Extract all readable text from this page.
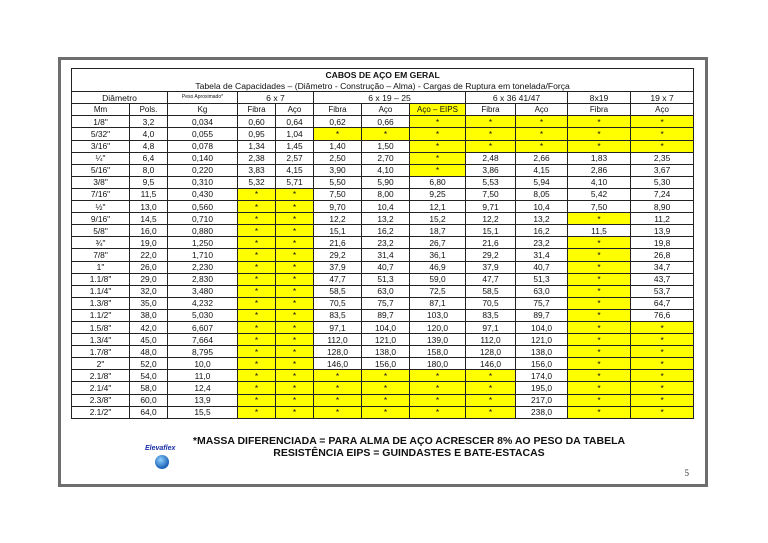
CABOS DE AÇO EM GERAL											
Tabela de Capacidades – (Diâmetro - Construção – Alma) - Cargas de Ruptura em tonelada/Força											
Diâmetro		Peso Aproximado*	6 x 7		6 x 19 – 25			6 x 36 41/47		8x19	19 x 7
Mm	Pols.	Kg	Fibra	Aço	Fibra	Aço	Aço – EIPS	Fibra	Aço	Fibra	Aço
1/8"	3,2	0,034	0,60	0,64	0,62	0,66	*	*	*	*	*
5/32"	4,0	0,055	0,95	1,04	*	*	*	*	*	*	*
3/16"	4,8	0,078	1,34	1,45	1,40	1,50	*	*	*	*	*
¼"	6,4	0,140	2,38	2,57	2,50	2,70	*	2,48	2,66	1,83	2,35
5/16"	8,0	0,220	3,83	4,15	3,90	4,10	*	3,86	4,15	2,86	3,67
3/8"	9,5	0,310	5,32	5,71	5,50	5,90	6,80	5,53	5,94	4,10	5,30
7/16"	11,5	0,430	*	*	7,50	8,00	9,25	7,50	8,05	5,42	7,24
½"	13,0	0,560	*	*	9,70	10,4	12,1	9,71	10,4	7,50	8,90
9/16"	14,5	0,710	*	*	12,2	13,2	15,2	12,2	13,2	*	11,2
5/8"	16,0	0,880	*	*	15,1	16,2	18,7	15,1	16,2	11,5	13,9
¾"	19,0	1,250	*	*	21,6	23,2	26,7	21,6	23,2	*	19,8
7/8"	22,0	1,710	*	*	29,2	31,4	36,1	29,2	31,4	*	26,8
1"	26,0	2,230	*	*	37,9	40,7	46,9	37,9	40,7	*	34,7
1.1/8"	29,0	2,830	*	*	47,7	51,3	59,0	47,7	51,3	*	43,7
1.1/4"	32,0	3,480	*	*	58,5	63,0	72,5	58,5	63,0	*	53,7
1.3/8"	35,0	4,232	*	*	70,5	75,7	87,1	70,5	75,7	*	64,7
1.1/2"	38,0	5,030	*	*	83,5	89,7	103,0	83,5	89,7	*	76,6
1.5/8"	42,0	6,607	*	*	97,1	104,0	120,0	97,1	104,0	*	*
1.3/4"	45,0	7,664	*	*	112,0	121,0	139,0	112,0	121,0	*	*
1.7/8"	48,0	8,795	*	*	128,0	138,0	158,0	128,0	138,0	*	*
2"	52,0	10,0	*	*	146,0	156,0	180,0	146,0	156,0	*	*
2.1/8"	54,0	11,0	*	*	*	*	*	*	174,0	*	*
2.1/4"	58,0	12,4	*	*	*	*	*	*	195,0	*	*
2.3/8"	60,0	13,9	*	*	*	*	*	*	217,0	*	*
2.1/2"	64,0	15,5	*	*	*	*	*	*	238,0	*	*
*MASSA DIFERENCIADA = PARA ALMA DE AÇO ACRESCER 8% AO PESO DA TABELA
RESISTÊNCIA EIPS = GUINDASTES E BATE-ESTACAS
Elevaflex
5
